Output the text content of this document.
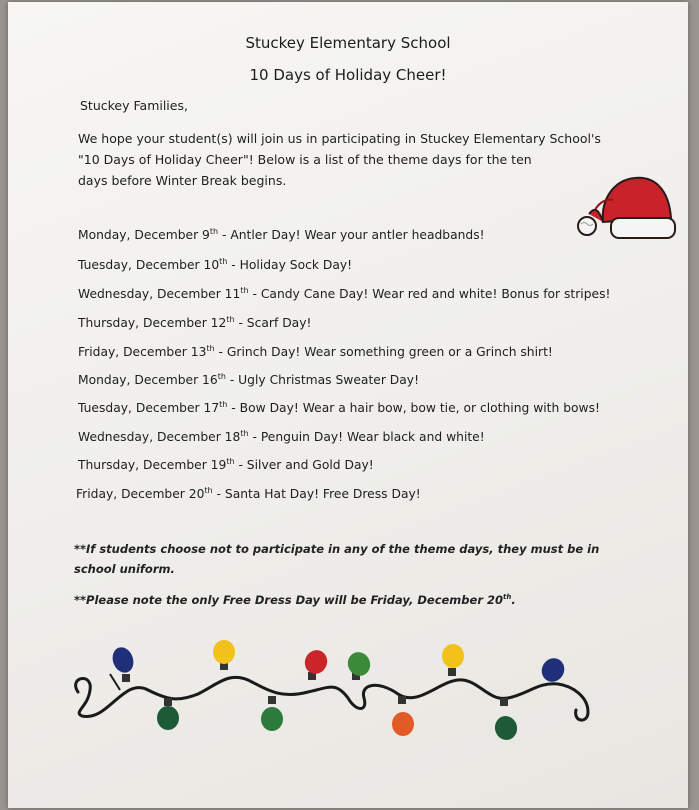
Stuckey Elementary School
10 Days of Holiday Cheer!
Stuckey Families,
We hope your student(s) will join us in participating in Stuckey Elementary School's
"10 Days of Holiday Cheer"! Below is a list of the theme days for the ten
days before Winter Break begins.
Monday, December 9th - Antler Day! Wear your antler headbands!
Tuesday, December 10th - Holiday Sock Day!
Wednesday, December 11th - Candy Cane Day! Wear red and white! Bonus for stripes!
Thursday, December 12th - Scarf Day!
Friday, December 13th - Grinch Day! Wear something green or a Grinch shirt!
Monday, December 16th - Ugly Christmas Sweater Day!
Tuesday, December 17th - Bow Day! Wear a hair bow, bow tie, or clothing with bows!
Wednesday, December 18th - Penguin Day! Wear black and white!
Thursday, December 19th - Silver and Gold Day!
Friday, December 20th - Santa Hat Day! Free Dress Day!
**If students choose not to participate in any of the theme days, they must be in
school uniform.
**Please note the only Free Dress Day will be Friday, December 20th.
